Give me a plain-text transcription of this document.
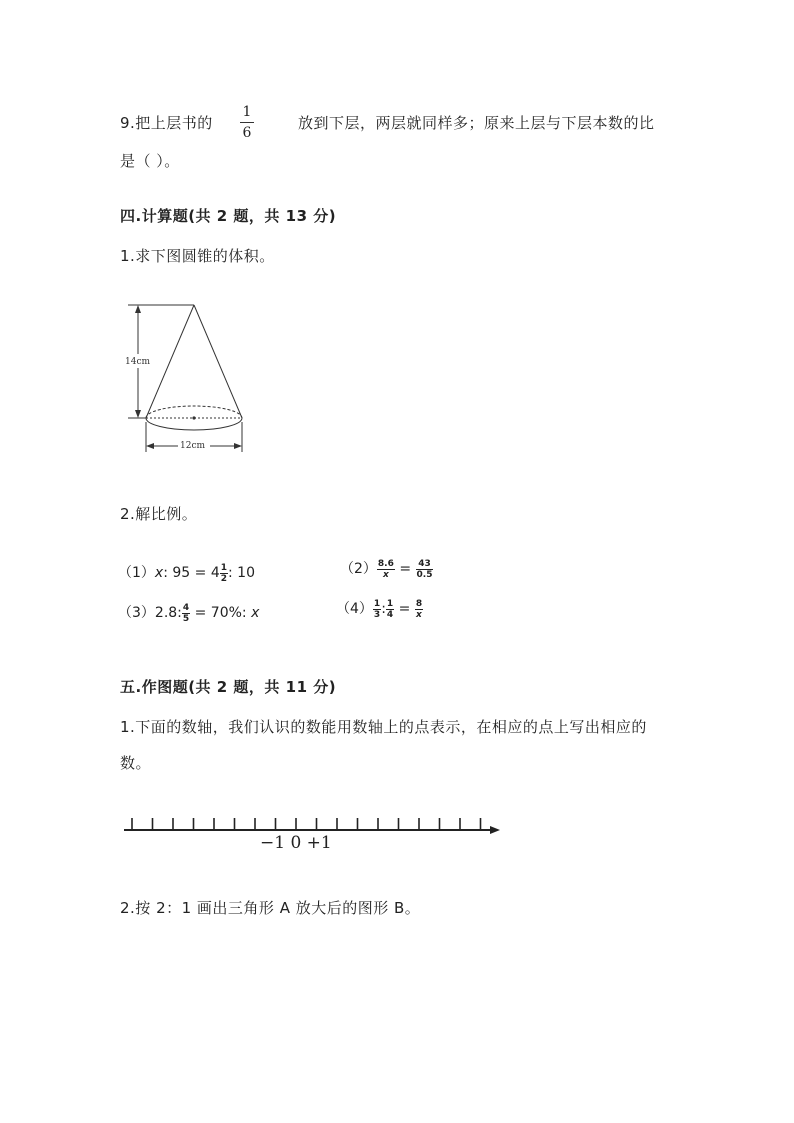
9.把上层书的
1
6
放到下层，两层就同样多；原来上层与下层本数的比
是（ ）。
四.计算题(共 2 题，共 13 分)
1.求下图圆锥的体积。
14cm
12cm
2.解比例。
（1）x: $95 = 4 \frac{1}{2}$ : 10	$(2) \frac{8.6}{x} = \frac{43}{0.5}$
（3）2.8: $\frac{4}{5} = 70\%$: x	$(4) \frac{1}{3}$ : $\frac{1}{4} = \frac{8}{x}$
五.作图题(共 2 题，共 11 分)
1.下面的数轴，我们认识的数能用数轴上的点表示，在相应的点上写出相应的
数。
−1 0 +1
2.按 2：1 画出三角形 A 放大后的图形 B。
